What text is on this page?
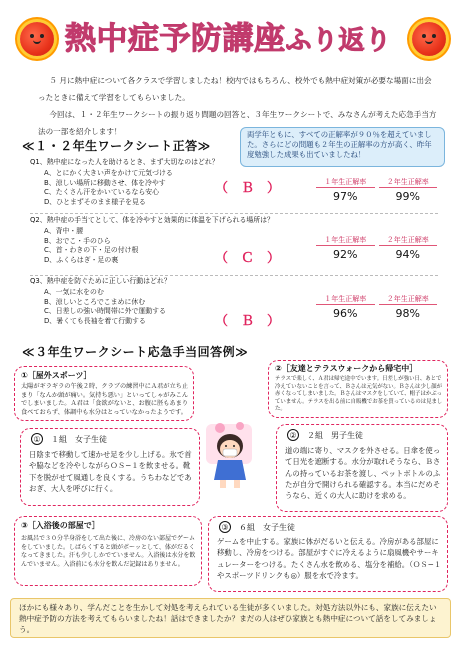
熱中症予防講座ふり返り

５ 月に熱中症について各クラスで学習しましたね！校内ではもちろん、校外でも熱中症対策が必要な場面に出会ったときに備えて学習をしてもらいました。

今回は、１・２年生ワークシートの振り返り問題の回答と、３年生ワークシートで、みなさんが考えた応急手当方法の一部を紹介します！

≪１・２年生ワークシート正答≫
両学年ともに、すべての正解率が９０％を超えていました。さらにどの問題も２年生の正解率の方が高く、昨年度勉強した成果も出ていましたね！
Q1、熱中症になった人を助けるとき、まず大切なのはどれ？
A、とにかく大きい声をかけて元気づける
B、涼しい場所に移動させ、体を冷やす
C、たくさん汗をかいているなら安心
D、ひとまずそのまま様子を見る
（　Ｂ　）	１年生正解率	２年生正解率
97%	99%
Q2、熱中症の手当てとして、体を冷やすと効果的に体温を下げられる場所は？
A、背中・腰
B、おでこ・手のひら
C、首・わきの下・足の付け根
D、ふくらはぎ・足の裏	（　Ｃ　）
１年生正解率	２年生正解率
92%	94%
Q3、熱中症を防ぐために正しい行動はどれ？
A、一気に水をのむ
B、涼しいところでこまめに休む
C、日差しの強い時間帯に外で運動する
D、暑くても長袖を着て行動する	（　Ｂ　）
１年生正解率	２年生正解率
96%	98%
≪３年生ワークシート応急手当回答例≫
①［屋外スポーツ］
太陽がギラギラの午後２時、クラブの練習中にＡ君が立ち止まり「なんか頭が痛い。気持ち悪い」といってしゃがみこんでしまいました。Ａ君は「食欲がないと、お腹に胚もあまり食べておらず、体調中も水分はとっていなかったようです。
②［友達とテラスウォークから帰宅中］
テラスで楽しく、Ａ君は帰宅途中でいます。日差しが強い日、あとで冷えていないことを言って、Ｂさんは元気がない。Ｂさんは少し顔が赤くなってしまいました。Ｂさんはマスクをしていて、帽子はかぶっていません。テラスを出る前に自販機でお茶を買っているのは見ました。
① １組　女子生徒
日陰まで移動して速かせ足を少し上げる。氷で首や脇などを冷やしながらＯＳ−１を飲ませる。靴下を脱がせて風通しを良くする。うちわなどであおぎ、大人を呼びに行く。
② ２組　男子生徒
道の端に寄り、マスクを外させる。日傘を使って日光を遮断する。水分が取れそうなら、Ｂさんの持っているお茶を渡し、ペットボトルのふたが自分で開けられる確認する。本当にだめそうなら、近くの大人に助けを求める。
③［入浴後の部屋で］
お風呂で３０分半身浴をして出た後に、冷房のない部屋でゲームをしていました。しばらくすると頭がボーッとして、体がだるくなってきました。汗も少ししかでていません。入浴後は水分を飲んでいません。入浴前にも水分を飲んだ記録はありません。
③ ６組　女子生徒
ゲームを中止する。家族に体がだるいと伝える。冷房がある部屋に移動し、冷房をつける。部屋がすぐに冷えるように扇風機やサーキュレーターをつける。たくさん水を飲める、塩分を補給。（ＯＳ−１やスポーツドリンクも◎）服を水で冷ます。
ほかにも様々あり、学んだことを生かして対処を考えられている生徒が多くいました。対処方法以外にも、家族に伝えたい熱中症予防の方法を考えてもらいましたね！話はできましたか？まだの人はぜひ家族とも熱中症について話をしてみましょう。
